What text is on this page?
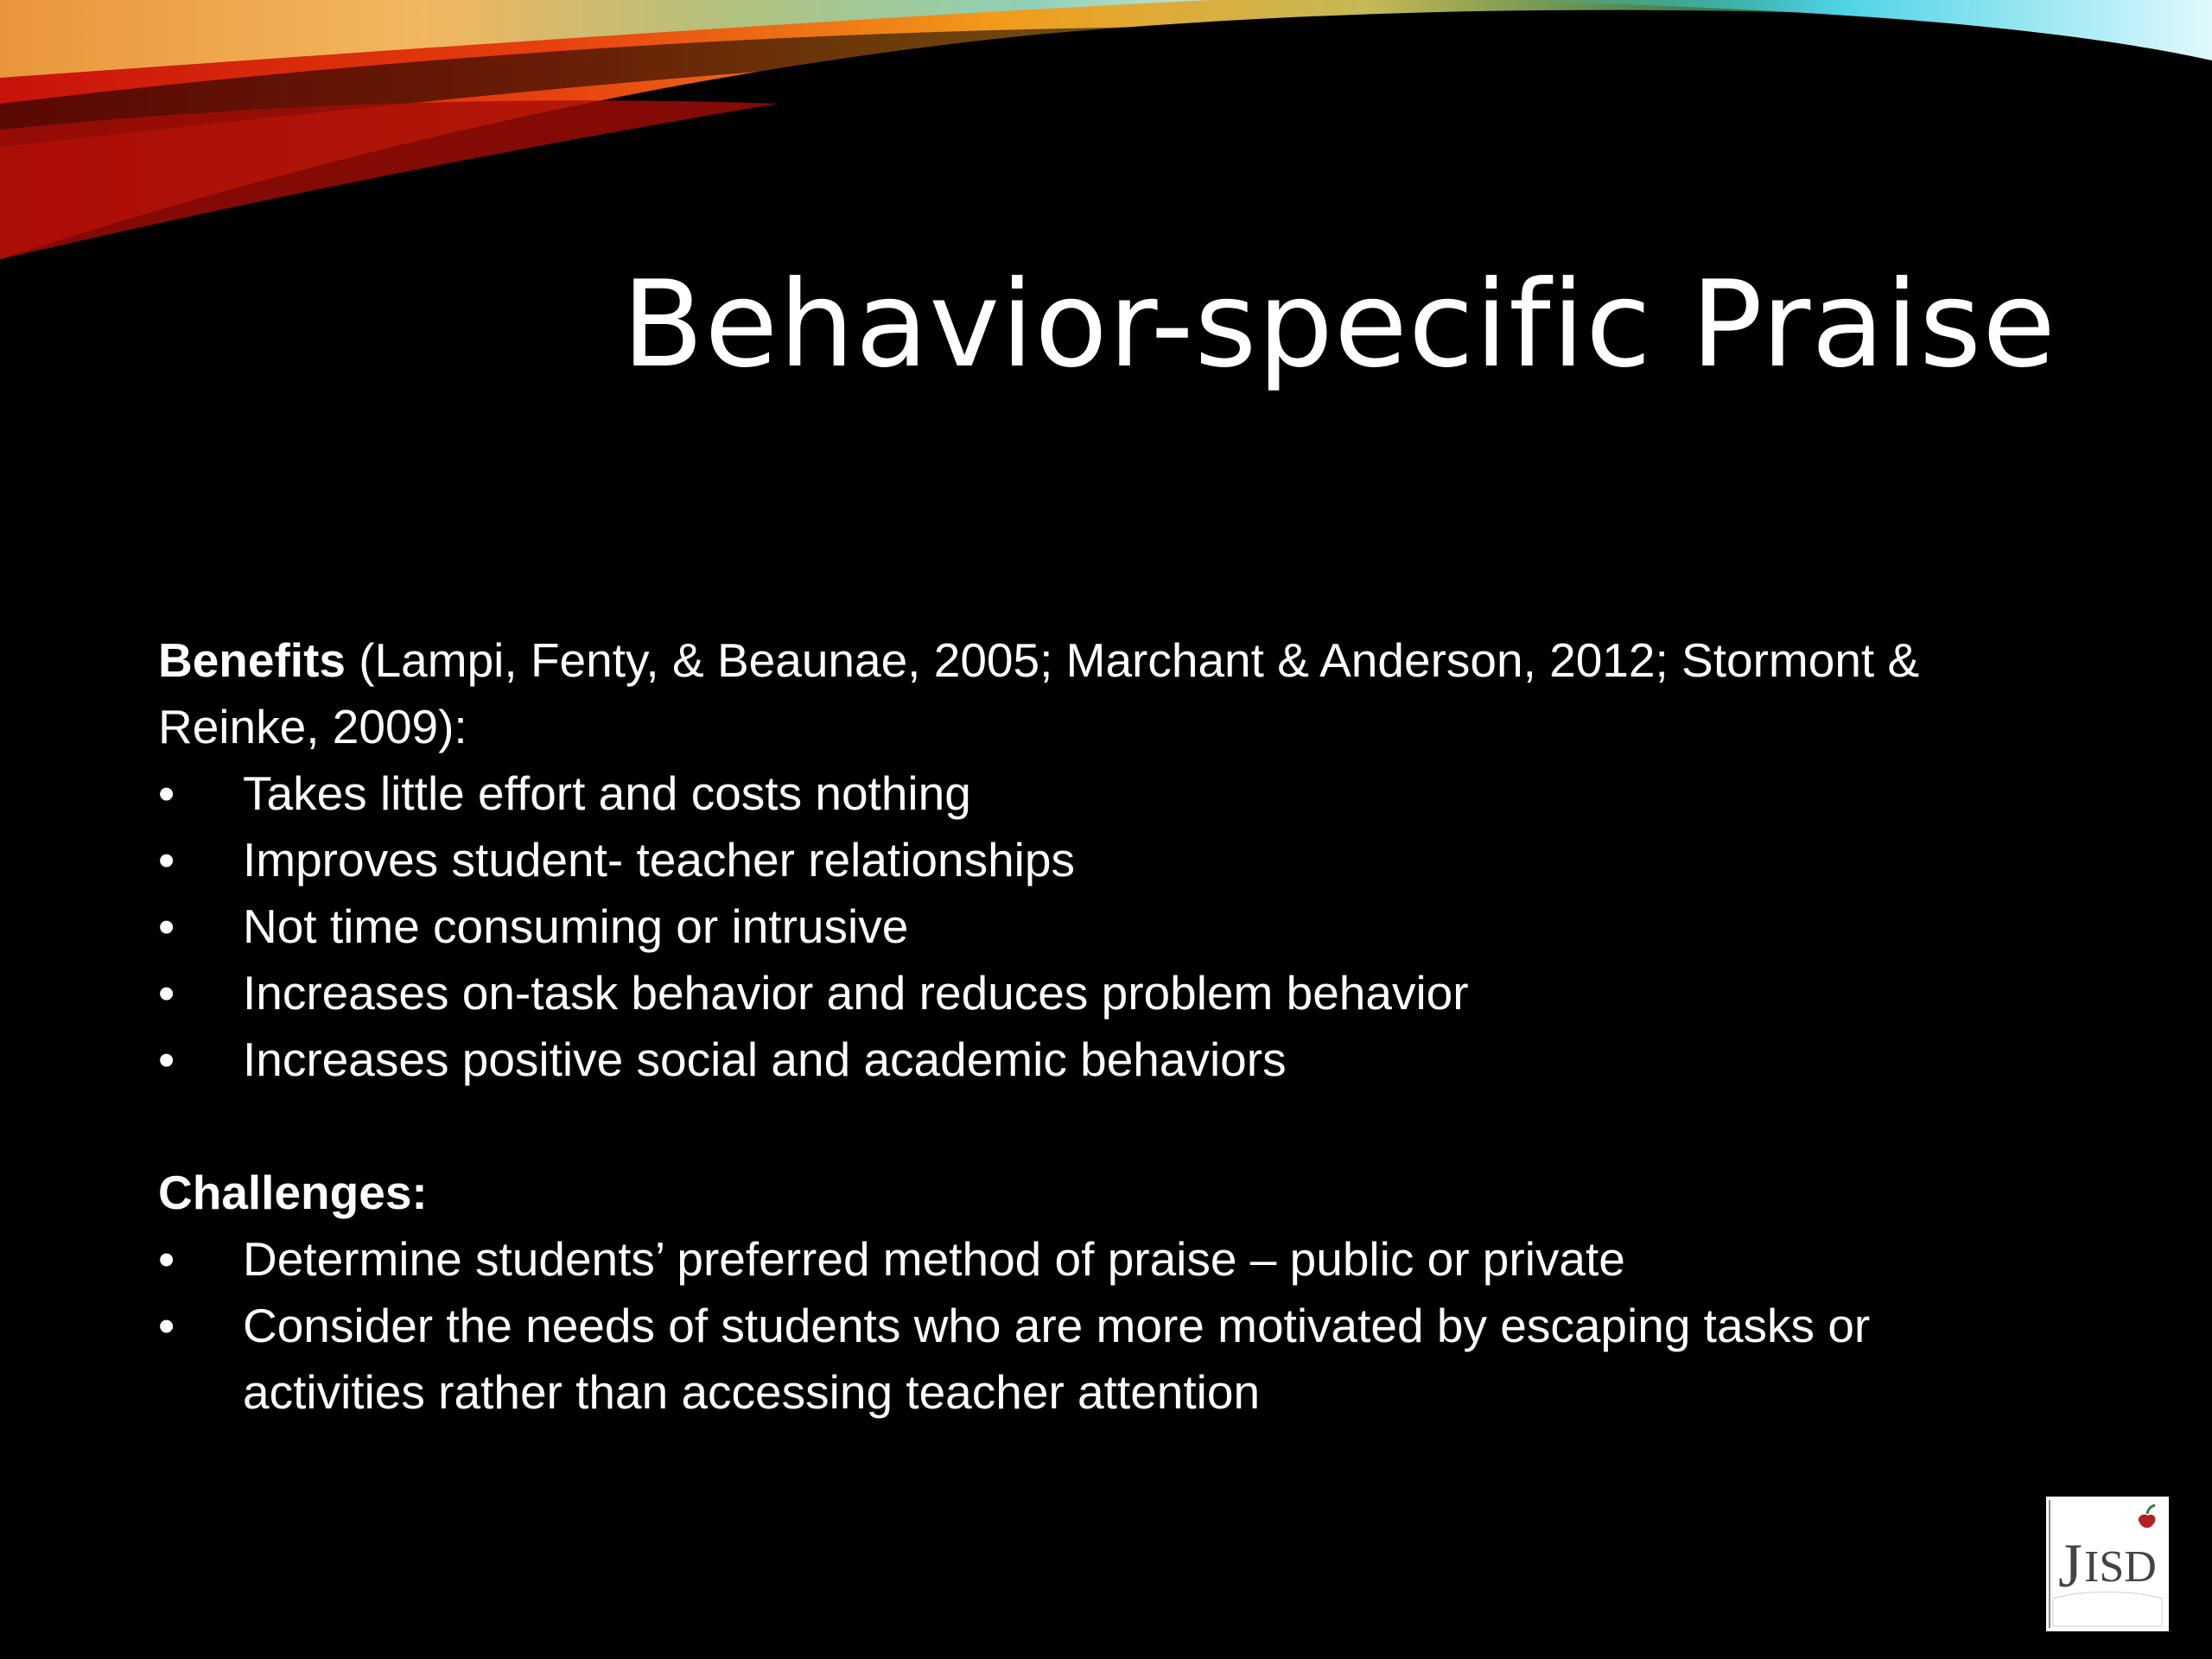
Behavior-specific Praise

Benefits (Lampi, Fenty, & Beaunae, 2005; Marchant & Anderson, 2012; Stormont & Reinke, 2009):

• Takes little effort and costs nothing
• Improves student- teacher relationships
• Not time consuming or intrusive
• Increases on-task behavior and reduces problem behavior
• Increases positive social and academic behaviors

Challenges:

• Determine students’ preferred method of praise – public or private
• Consider the needs of students who are more motivated by escaping tasks or activities rather than accessing teacher attention
J ISD
